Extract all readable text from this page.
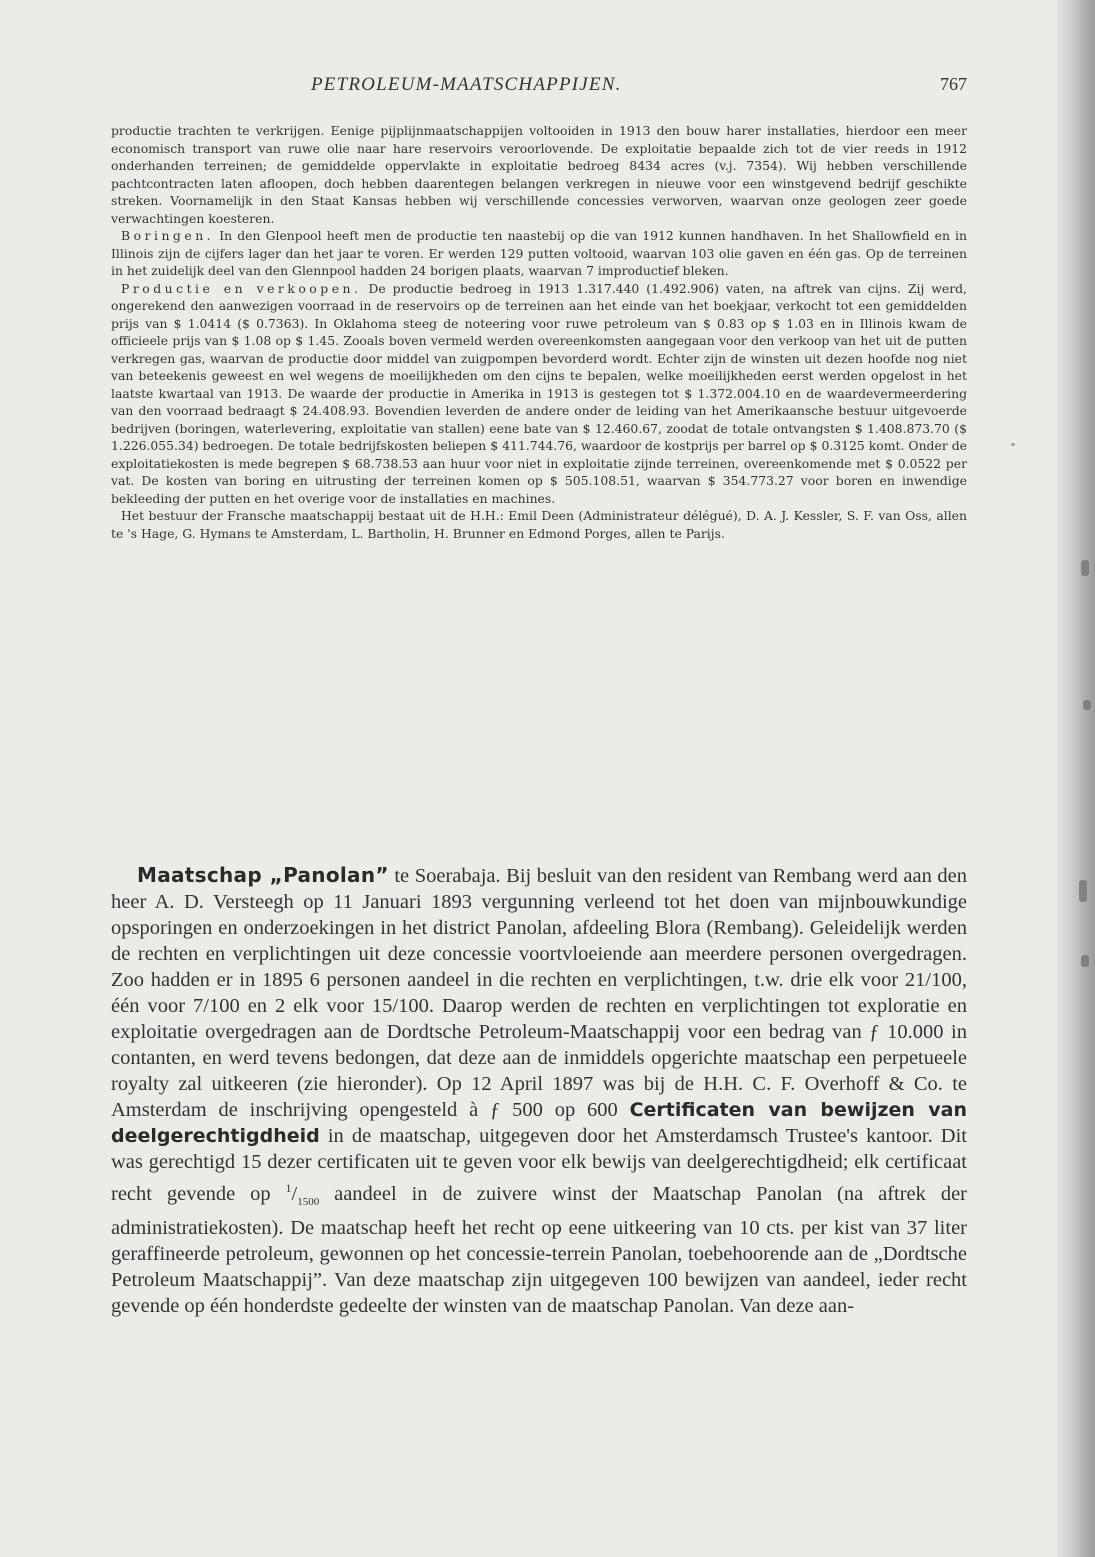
PETROLEUM-MAATSCHAPPIJEN.	767

productie trachten te verkrijgen. Eenige pijplijnmaatschappijen voltooiden in 1913 den bouw harer installaties, hierdoor een meer economisch transport van ruwe olie naar hare reservoirs veroorlovende. De exploitatie bepaalde zich tot de vier reeds in 1912 onderhanden terreinen; de gemiddelde oppervlakte in exploitatie bedroeg 8434 acres (v.j. 7354). Wij hebben verschillende pachtcontracten laten afloopen, doch hebben daarentegen belangen verkregen in nieuwe voor een winstgevend bedrijf geschikte streken. Voornamelijk in den Staat Kansas hebben wij verschillende concessies verworven, waarvan onze geologen zeer goede verwachtingen koesteren.

Boringen. In den Glenpool heeft men de productie ten naastebij op die van 1912 kunnen handhaven. In het Shallowfield en in Illinois zijn de cijfers lager dan het jaar te voren. Er werden 129 putten voltooid, waarvan 103 olie gaven en één gas. Op de terreinen in het zuidelijk deel van den Glennpool hadden 24 borigen plaats, waarvan 7 improductief bleken.

Productie en verkoopen. De productie bedroeg in 1913 1.317.440 (1.492.906) vaten, na aftrek van cijns. Zij werd, ongerekend den aanwezigen voorraad in de reservoirs op de terreinen aan het einde van het boekjaar, verkocht tot een gemiddelden prijs van $ 1.0414 ($ 0.7363). In Oklahoma steeg de noteering voor ruwe petroleum van $ 0.83 op $ 1.03 en in Illinois kwam de officieele prijs van $ 1.08 op $ 1.45. Zooals boven vermeld werden overeenkomsten aangegaan voor den verkoop van het uit de putten verkregen gas, waarvan de productie door middel van zuigpompen bevorderd wordt. Echter zijn de winsten uit dezen hoofde nog niet van beteekenis geweest en wel wegens de moeilijkheden om den cijns te bepalen, welke moeilijkheden eerst werden opgelost in het laatste kwartaal van 1913. De waarde der productie in Amerika in 1913 is gestegen tot $ 1.372.004.10 en de waardevermeerdering van den voorraad bedraagt $ 24.408.93. Bovendien leverden de andere onder de leiding van het Amerikaansche bestuur uitgevoerde bedrijven (boringen, waterlevering, exploitatie van stallen) eene bate van $ 12.460.67, zoodat de totale ontvangsten $ 1.408.873.70 ($ 1.226.055.34) bedroegen. De totale bedrijfskosten beliepen $ 411.744.76, waardoor de kostprijs per barrel op $ 0.3125 komt. Onder de exploitatiekosten is mede begrepen $ 68.738.53 aan huur voor niet in exploitatie zijnde terreinen, overeenkomende met $ 0.0522 per vat. De kosten van boring en uitrusting der terreinen komen op $ 505.108.51, waarvan $ 354.773.27 voor boren en inwendige bekleeding der putten en het overige voor de installaties en machines.

Het bestuur der Fransche maatschappij bestaat uit de H.H.: Emil Deen (Administrateur délégué), D. A. J. Kessler, S. F. van Oss, allen te 's Hage, G. Hymans te Amsterdam, L. Bartholin, H. Brunner en Edmond Porges, allen te Parijs.

Maatschap „Panolan” te Soerabaja. Bij besluit van den resident van Rembang werd aan den heer A. D. Versteegh op 11 Januari 1893 vergunning verleend tot het doen van mijnbouwkundige opsporingen en onderzoekingen in het district Panolan, afdeeling Blora (Rembang). Geleidelijk werden de rechten en verplichtingen uit deze concessie voortvloeiende aan meerdere personen overgedragen. Zoo hadden er in 1895 6 personen aandeel in die rechten en verplichtingen, t.w. drie elk voor 21/100, één voor 7/100 en 2 elk voor 15/100. Daarop werden de rechten en verplichtingen tot exploratie en exploitatie overgedragen aan de Dordtsche Petroleum-Maatschappij voor een bedrag van ƒ 10.000 in contanten, en werd tevens bedongen, dat deze aan de inmiddels opgerichte maatschap een perpetueele royalty zal uitkeeren (zie hieronder). Op 12 April 1897 was bij de H.H. C. F. Overhoff & Co. te Amsterdam de inschrijving opengesteld à ƒ 500 op 600 Certificaten van bewijzen van deelgerechtigdheid in de maatschap, uitgegeven door het Amsterdamsch Trustee's kantoor. Dit was gerechtigd 15 dezer certificaten uit te geven voor elk bewijs van deelgerechtigdheid; elk certificaat recht gevende op $^1/_{1500}$ aandeel in de zuivere winst der Maatschap Panolan (na aftrek der administratiekosten). De maatschap heeft het recht op eene uitkeering van 10 cts. per kist van 37 liter geraffineerde petroleum, gewonnen op het concessie-terrein Panolan, toebehoorende aan de „Dordtsche Petroleum Maatschappij”. Van deze maatschap zijn uitgegeven 100 bewijzen van aandeel, ieder recht gevende op één honderdste gedeelte der winsten van de maatschap Panolan. Van deze aan-
